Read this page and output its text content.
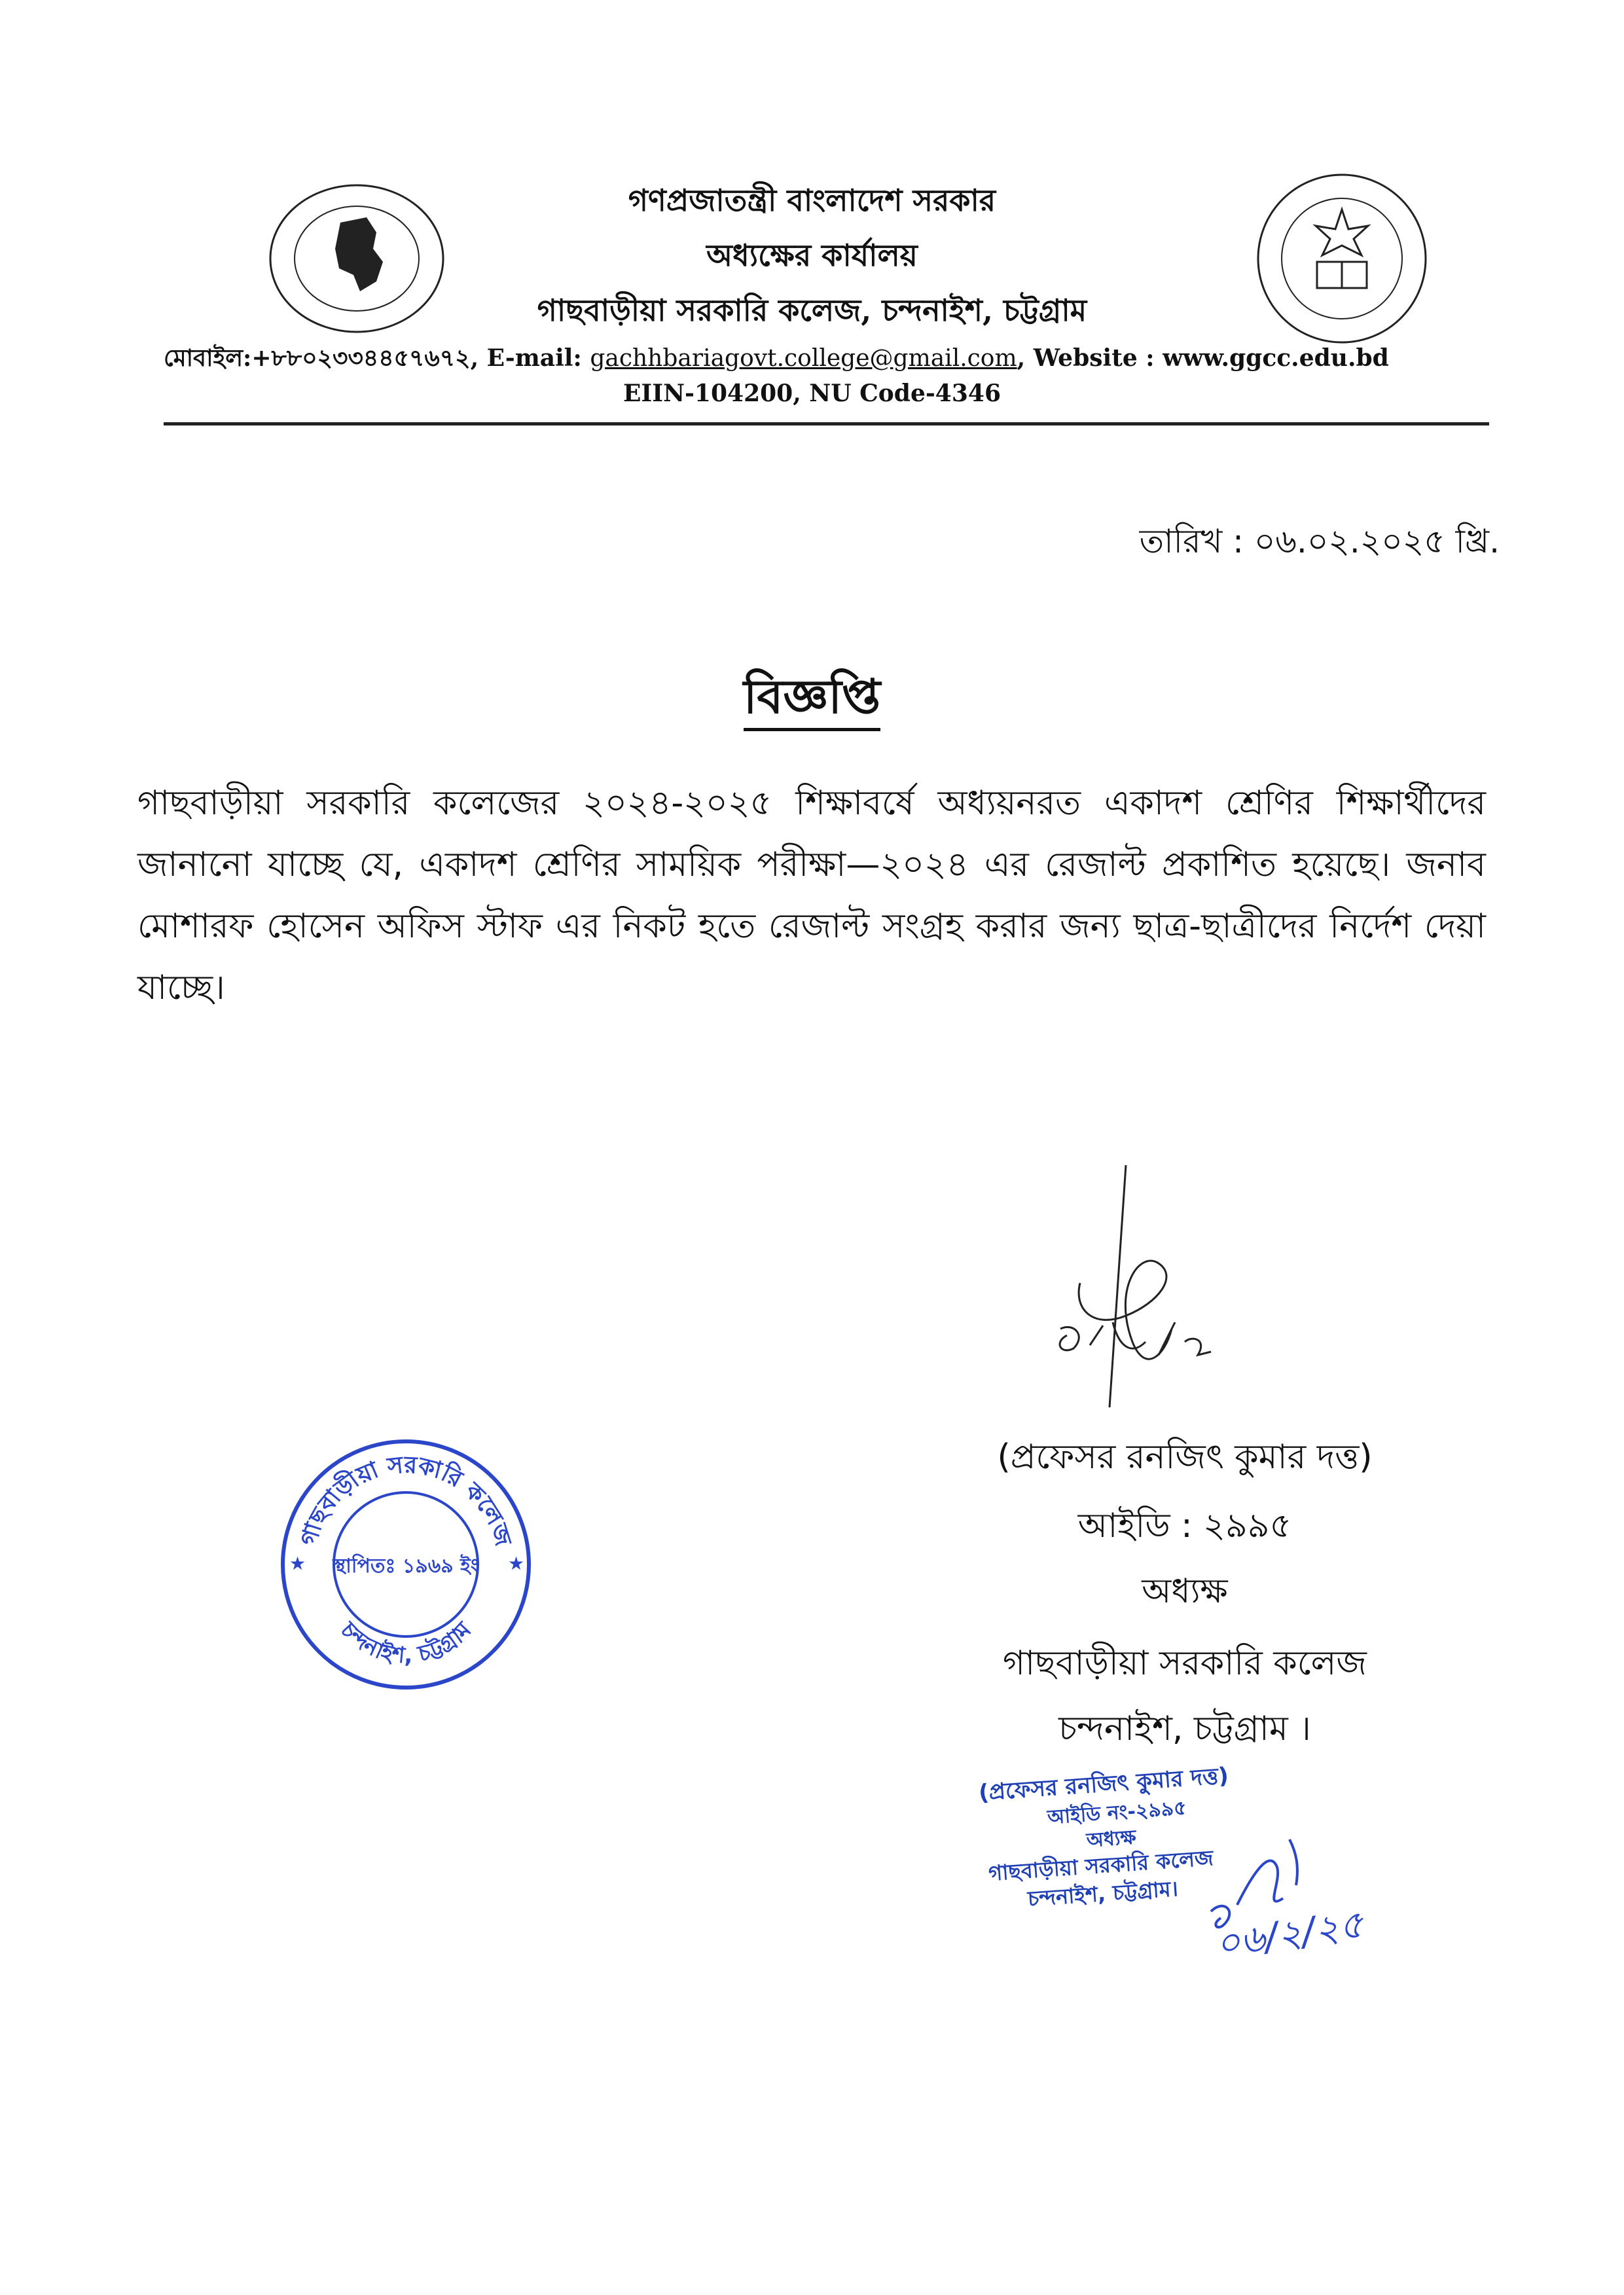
গণপ্রজাতন্ত্রী বাংলাদেশ সরকার
অধ্যক্ষের কার্যালয়
গাছবাড়ীয়া সরকারি কলেজ, চন্দনাইশ, চট্টগ্রাম
মোবাইল:+৮৮০২৩৩৪৪৫৭৬৭২, E-mail: gachhbariagovt.college@gmail.com, Website : www.ggcc.edu.bd
EIIN-104200, NU Code-4346
তারিখ : ০৬.০২.২০২৫ খ্রি.
বিজ্ঞপ্তি
গাছবাড়ীয়া সরকারি কলেজের ২০২৪-২০২৫ শিক্ষাবর্ষে অধ্যয়নরত একাদশ শ্রেণির শিক্ষার্থীদের জানানো যাচ্ছে যে, একাদশ শ্রেণির সাময়িক পরীক্ষা—২০২৪ এর রেজাল্ট প্রকাশিত হয়েছে। জনাব মোশারফ হোসেন অফিস স্টাফ এর নিকট হতে রেজাল্ট সংগ্রহ করার জন্য ছাত্র-ছাত্রীদের নির্দেশ দেয়া যাচ্ছে।
(প্রফেসর রনজিৎ কুমার দত্ত)
আইডি : ২৯৯৫
অধ্যক্ষ
গাছবাড়ীয়া সরকারি কলেজ
চন্দনাইশ, চট্টগ্রাম ।
(প্রফেসর রনজিৎ কুমার দত্ত)
আইডি নং-২৯৯৫
অধ্যক্ষ
গাছবাড়ীয়া সরকারি কলেজ
চন্দনাইশ, চট্টগ্রাম।
০৬/২/২৫
গাছবাড়ীয়া সরকারি কলেজ
চন্দনাইশ, চট্টগ্রাম
স্থাপিতঃ ১৯৬৯ ইং
★	★
